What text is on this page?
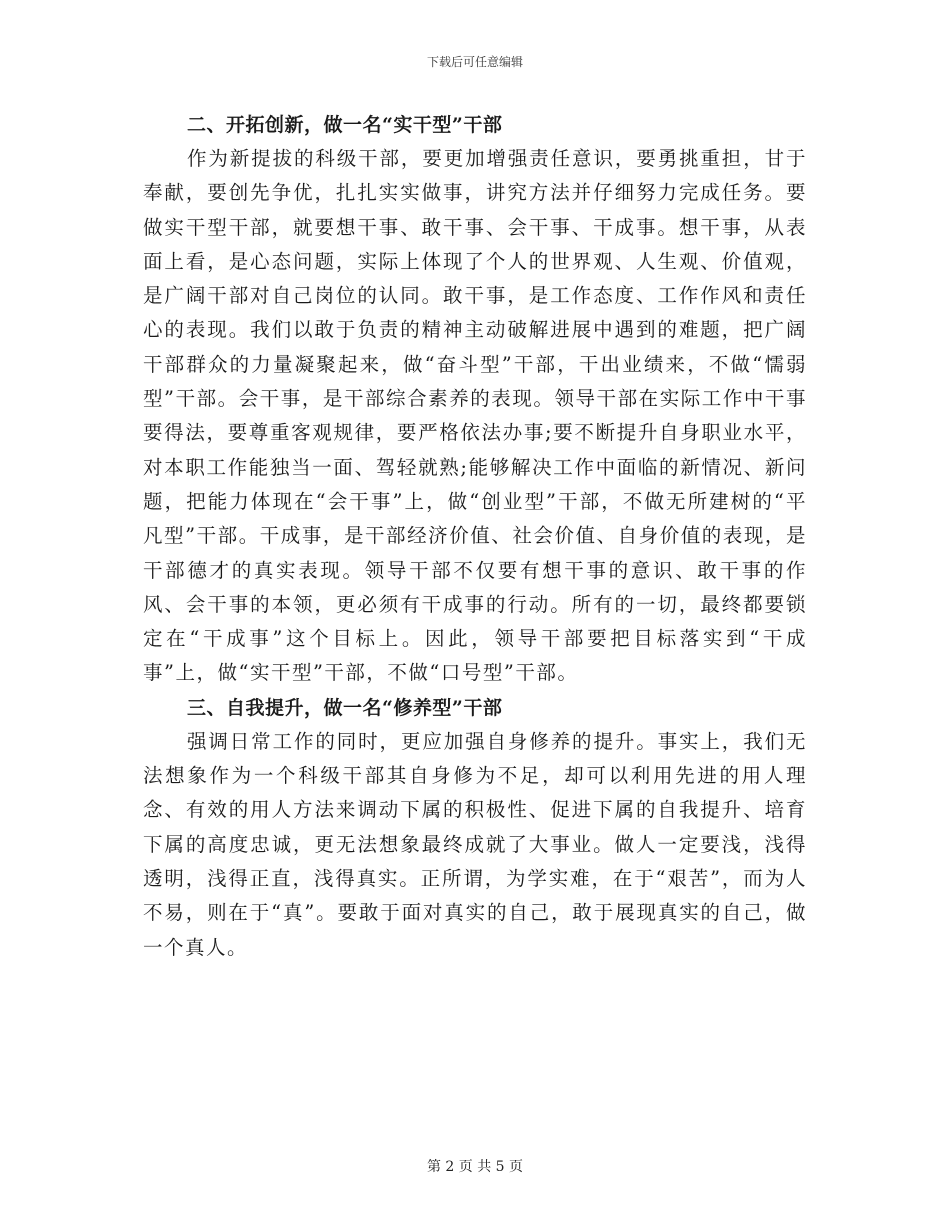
下载后可任意编辑

二、开拓创新，做一名“实干型”干部

作为新提拔的科级干部，要更加增强责任意识，要勇挑重担，甘于奉献，要创先争优，扎扎实实做事，讲究方法并仔细努力完成任务。要做实干型干部，就要想干事、敢干事、会干事、干成事。想干事，从表面上看，是心态问题，实际上体现了个人的世界观、人生观、价值观，是广阔干部对自己岗位的认同。敢干事，是工作态度、工作作风和责任心的表现。我们以敢于负责的精神主动破解进展中遇到的难题，把广阔干部群众的力量凝聚起来，做“奋斗型”干部，干出业绩来，不做“懦弱型”干部。会干事，是干部综合素养的表现。领导干部在实际工作中干事要得法，要尊重客观规律，要严格依法办事;要不断提升自身职业水平，对本职工作能独当一面、驾轻就熟;能够解决工作中面临的新情况、新问题，把能力体现在“会干事”上，做“创业型”干部，不做无所建树的“平凡型”干部。干成事，是干部经济价值、社会价值、自身价值的表现，是干部德才的真实表现。领导干部不仅要有想干事的意识、敢干事的作风、会干事的本领，更必须有干成事的行动。所有的一切，最终都要锁定在“干成事”这个目标上。因此，领导干部要把目标落实到“干成事”上，做“实干型”干部，不做“口号型”干部。

三、自我提升，做一名“修养型”干部

强调日常工作的同时，更应加强自身修养的提升。事实上，我们无法想象作为一个科级干部其自身修为不足，却可以利用先进的用人理念、有效的用人方法来调动下属的积极性、促进下属的自我提升、培育下属的高度忠诚，更无法想象最终成就了大事业。做人一定要浅，浅得透明，浅得正直，浅得真实。正所谓，为学实难，在于“艰苦”，而为人不易，则在于“真”。要敢于面对真实的自己，敢于展现真实的自己，做一个真人。

第 2 页 共 5 页
